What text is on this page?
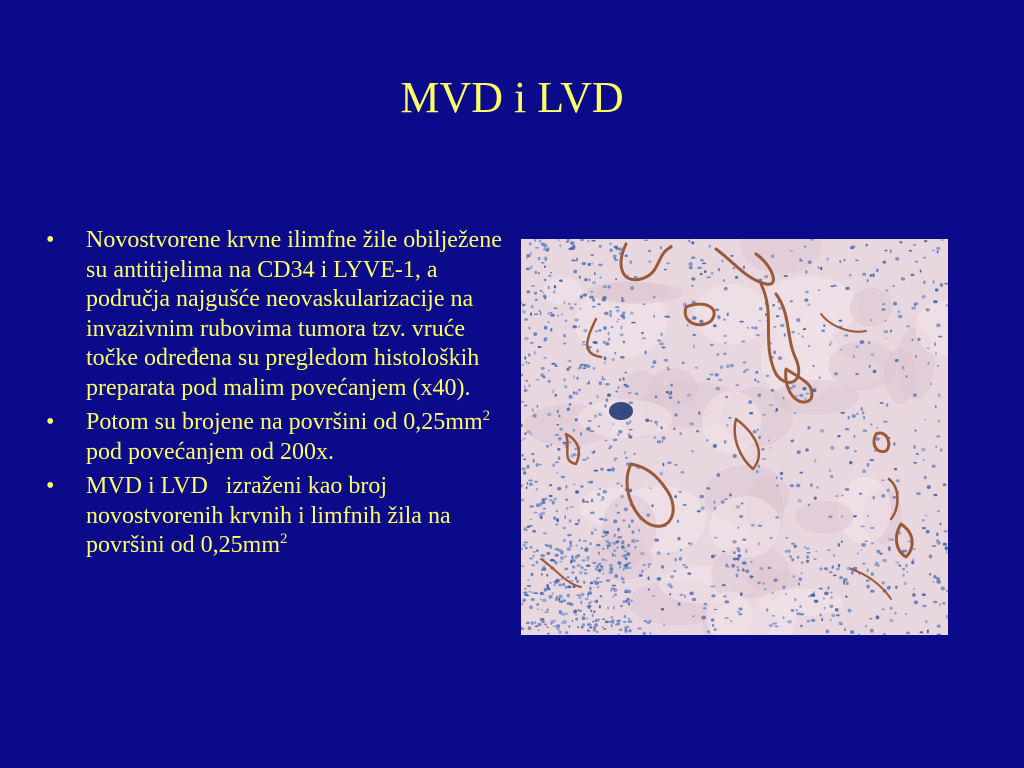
MVD i LVD
• Novostvorene krvne ilimfne žile obilježene su antitijelima na CD34 i LYVE-1, a područja najgušće neovaskularizacije na invazivnim rubovima tumora tzv. vruće točke određena su pregledom histoloških preparata pod malim povećanjem (x40).
• Potom su brojene na površini od $0,25mm^2$ pod povećanjem od 200x.
• MVD i LVD   izraženi kao broj novostvorenih krvnih i limfnih žila na površini od $0,25mm^2$
